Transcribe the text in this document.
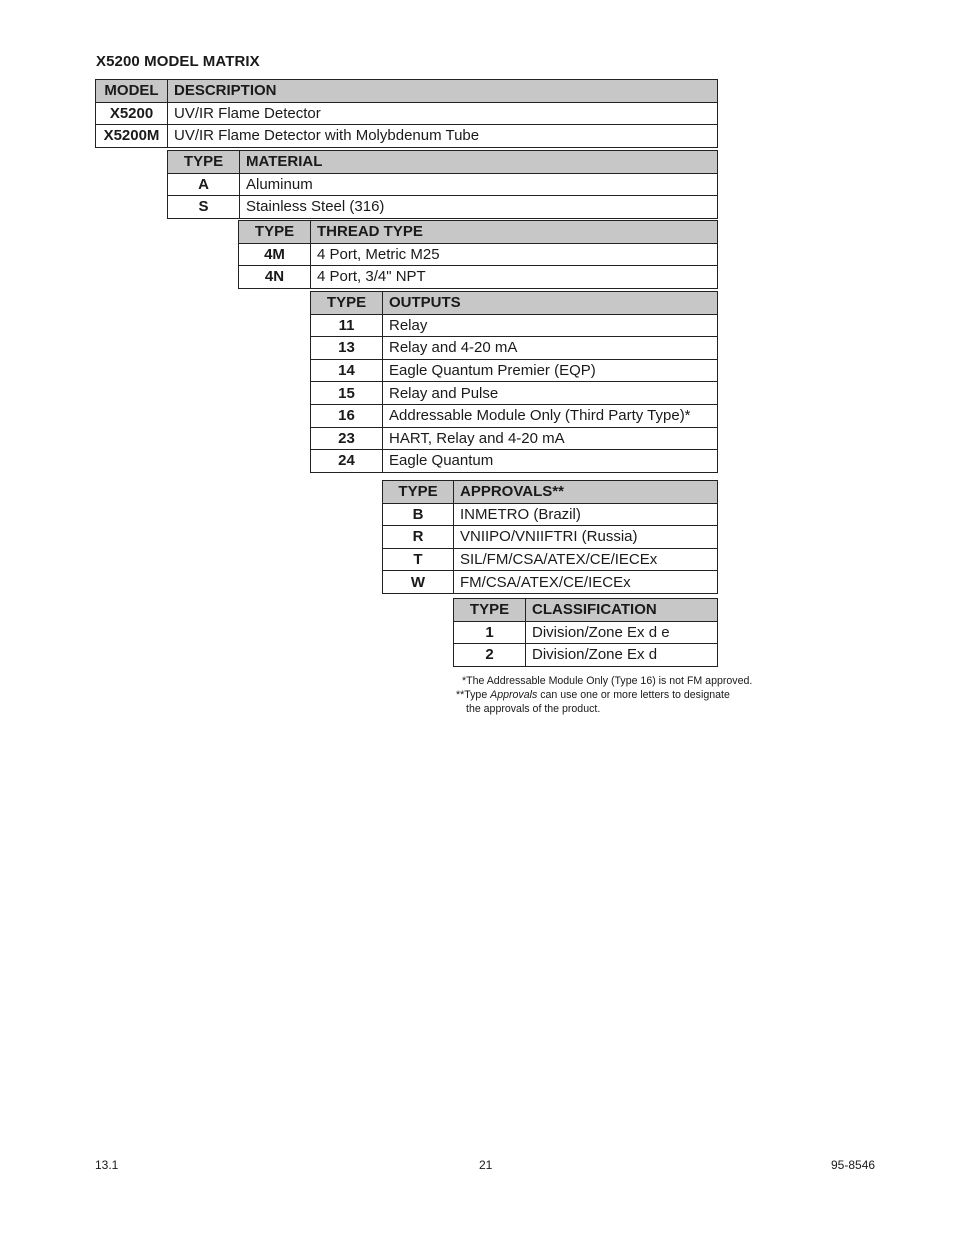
X5200 MODEL MATRIX
MODEL	DESCRIPTION
X5200	UV/IR Flame Detector
X5200M	UV/IR Flame Detector with Molybdenum Tube
TYPE	MATERIAL
A	Aluminum
S	Stainless Steel (316)
TYPE	THREAD TYPE
4M	4 Port, Metric M25
4N	4 Port, 3/4" NPT
TYPE	OUTPUTS
11	Relay
13	Relay and 4-20 mA
14	Eagle Quantum Premier (EQP)
15	Relay and Pulse
16	Addressable Module Only (Third Party Type)*
23	HART, Relay and 4-20 mA
24	Eagle Quantum
TYPE	APPROVALS**
B	INMETRO (Brazil)
R	VNIIPO/VNIIFTRI (Russia)
T	SIL/FM/CSA/ATEX/CE/IECEx
W	FM/CSA/ATEX/CE/IECEx
TYPE	CLASSIFICATION
1	Division/Zone Ex d e
2	Division/Zone Ex d
*The Addressable Module Only (Type 16) is not FM approved.
**Type Approvals can use one or more letters to designate
the approvals of the product.
13.1	21	95-8546
